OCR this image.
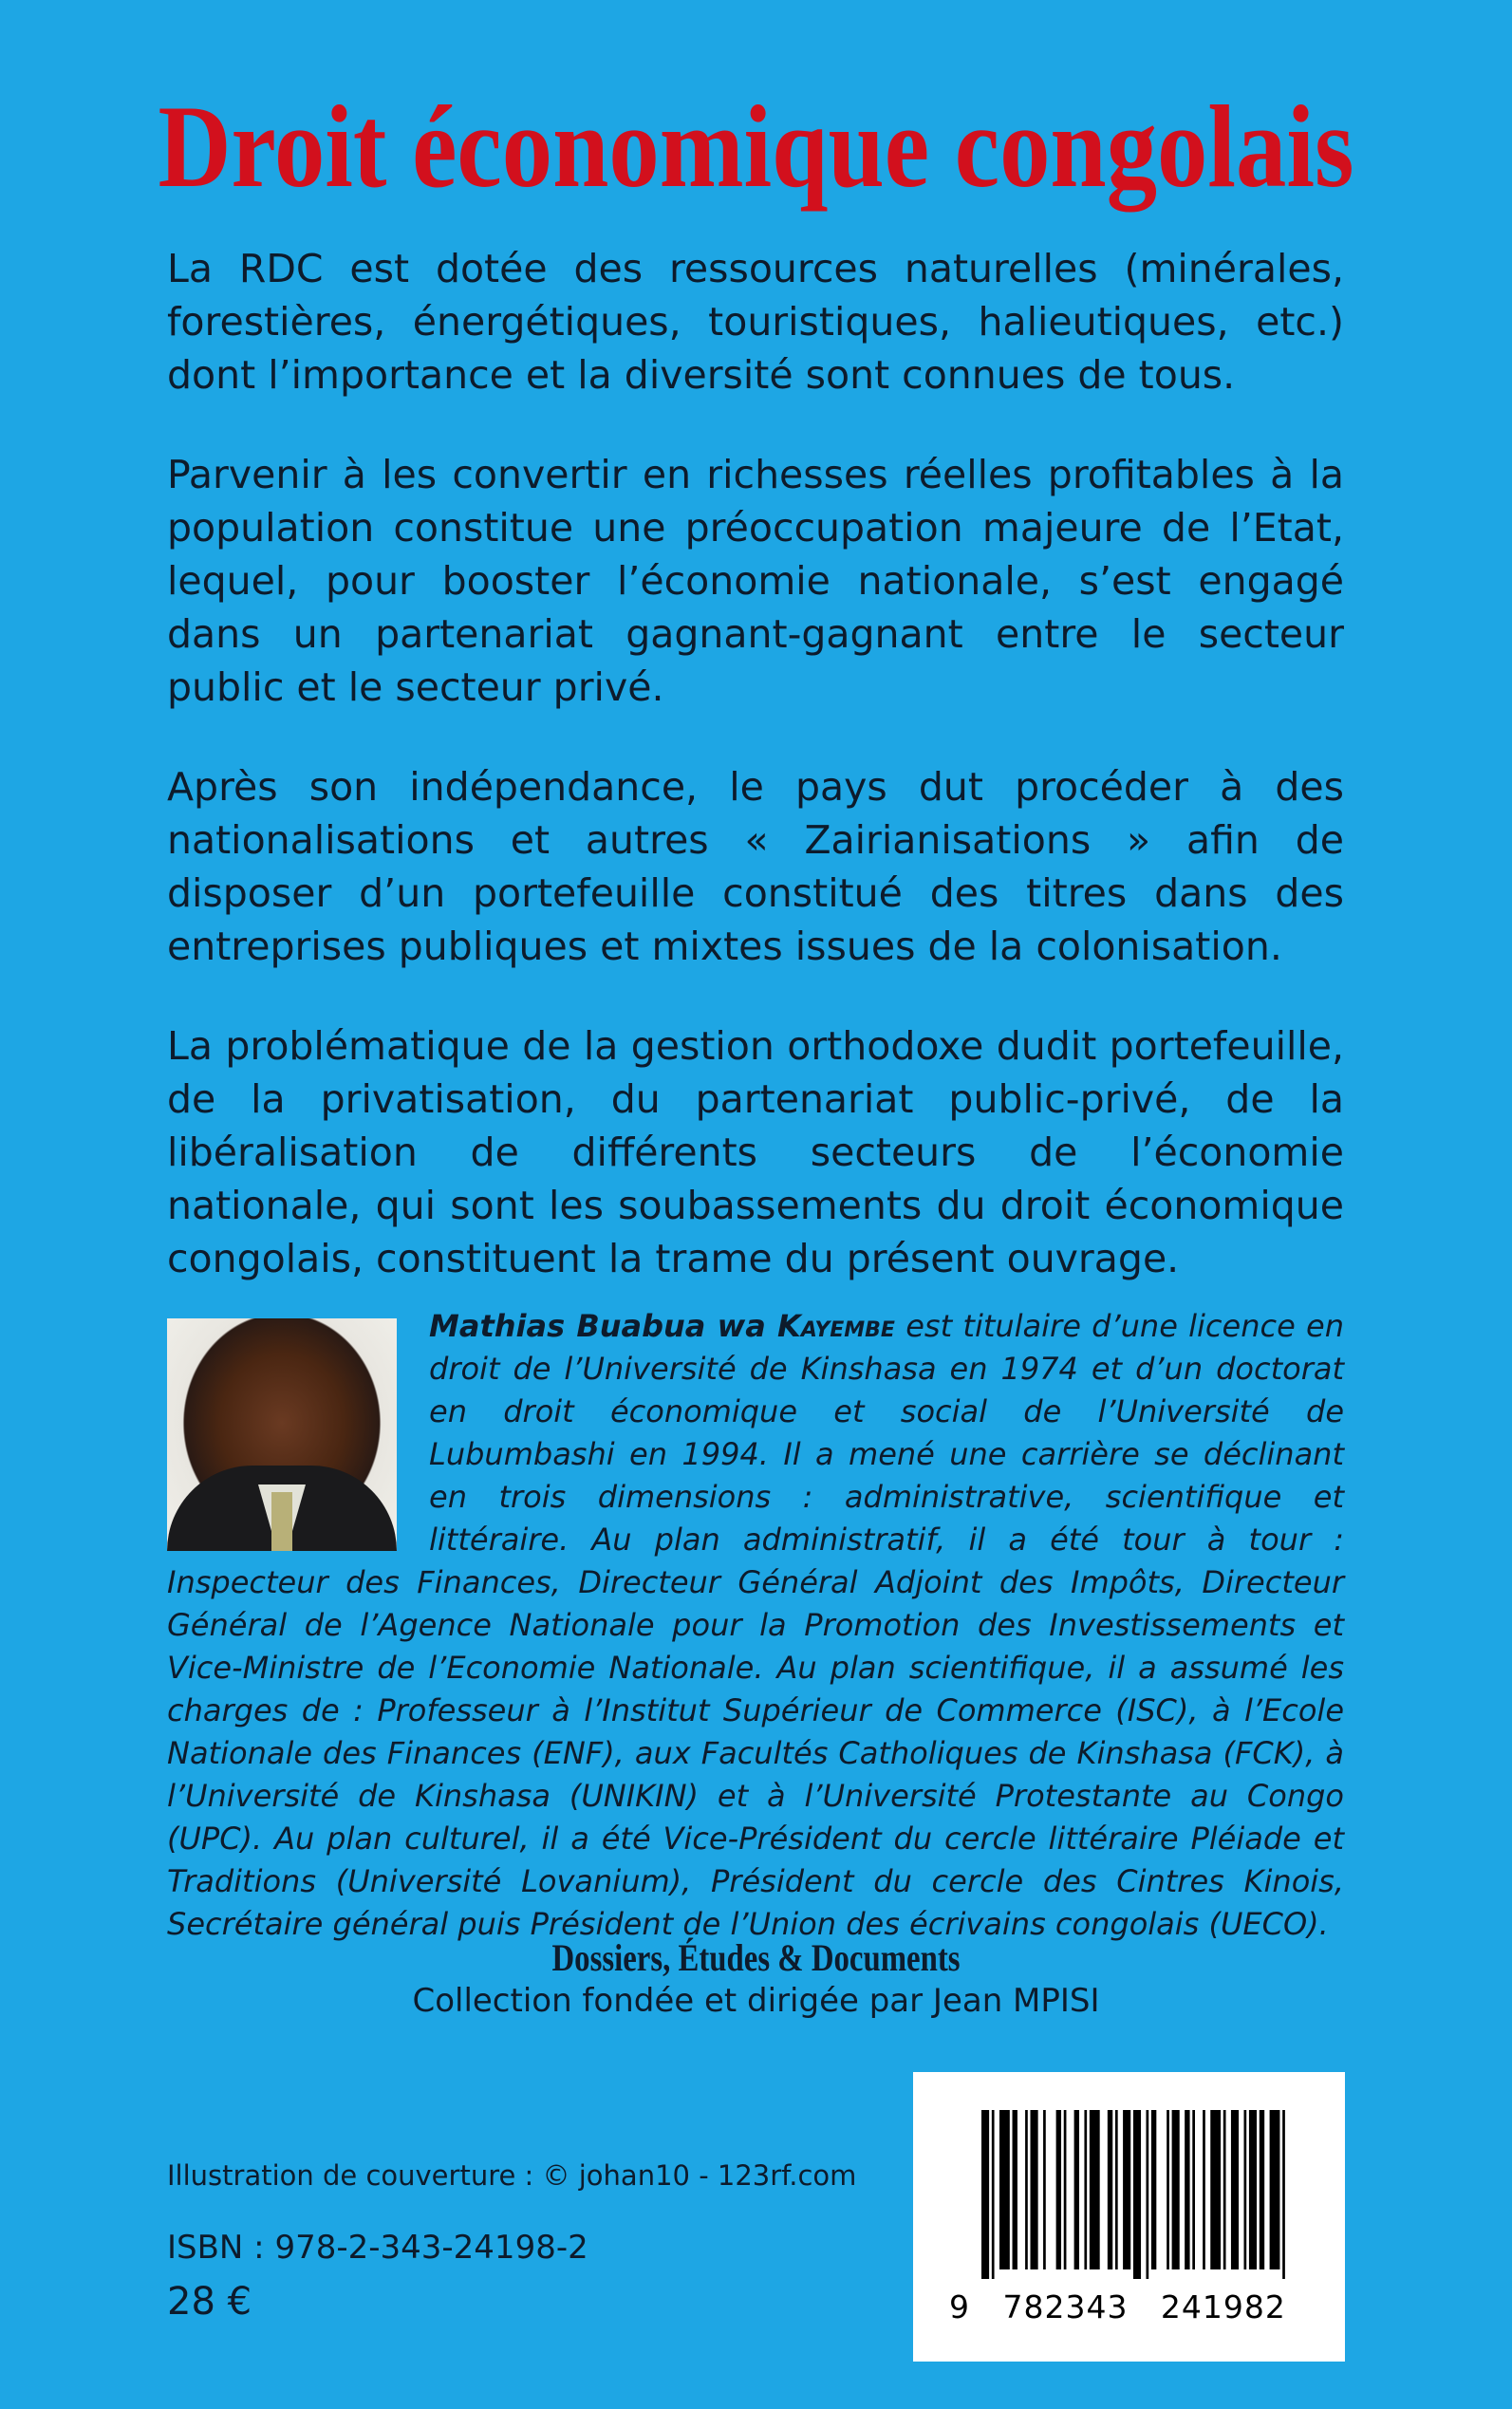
Droit économique congolais

La RDC est dotée des ressources naturelles (minérales, forestières, énergétiques, touristiques, halieutiques, etc.) dont l’importance et la diversité sont connues de tous.

Parvenir à les convertir en richesses réelles profitables à la population constitue une préoccupation majeure de l’Etat, lequel, pour booster l’économie nationale, s’est engagé dans un partenariat gagnant-gagnant entre le secteur public et le secteur privé.

Après son indépendance, le pays dut procéder à des nationalisations et autres « Zairianisations » afin de disposer d’un portefeuille constitué des titres dans des entreprises publiques et mixtes issues de la colonisation.

La problématique de la gestion orthodoxe dudit portefeuille, de la privatisation, du partenariat public-privé, de la libéralisation de différents secteurs de l’économie nationale, qui sont les soubassements du droit économique congolais, constituent la trame du présent ouvrage.

Mathias Buabua wa Kayembe est titulaire d’une licence en droit de l’Université de Kinshasa en 1974 et d’un doctorat en droit économique et social de l’Université de Lubumbashi en 1994. Il a mené une carrière se déclinant en trois dimensions : administrative, scientifique et littéraire. Au plan administratif, il a été tour à tour : Inspecteur des Finances, Directeur Général Adjoint des Impôts, Directeur Général de l’Agence Nationale pour la Promotion des Investissements et Vice-Ministre de l’Economie Nationale. Au plan scientifique, il a assumé les charges de : Professeur à l’Institut Supérieur de Commerce (ISC), à l’Ecole Nationale des Finances (ENF), aux Facultés Catholiques de Kinshasa (FCK), à l’Université de Kinshasa (UNIKIN) et à l’Université Protestante au Congo (UPC). Au plan culturel, il a été Vice-Président du cercle littéraire Pléiade et Traditions (Université Lovanium), Président du cercle des Cintres Kinois, Secrétaire général puis Président de l’Union des écrivains congolais (UECO).
Dossiers, Études & Documents
Collection fondée et dirigée par Jean MPISI
Illustration de couverture : © johan10 - 123rf.com
ISBN : 978-2-343-24198-2
28 €	9   782343   241982
